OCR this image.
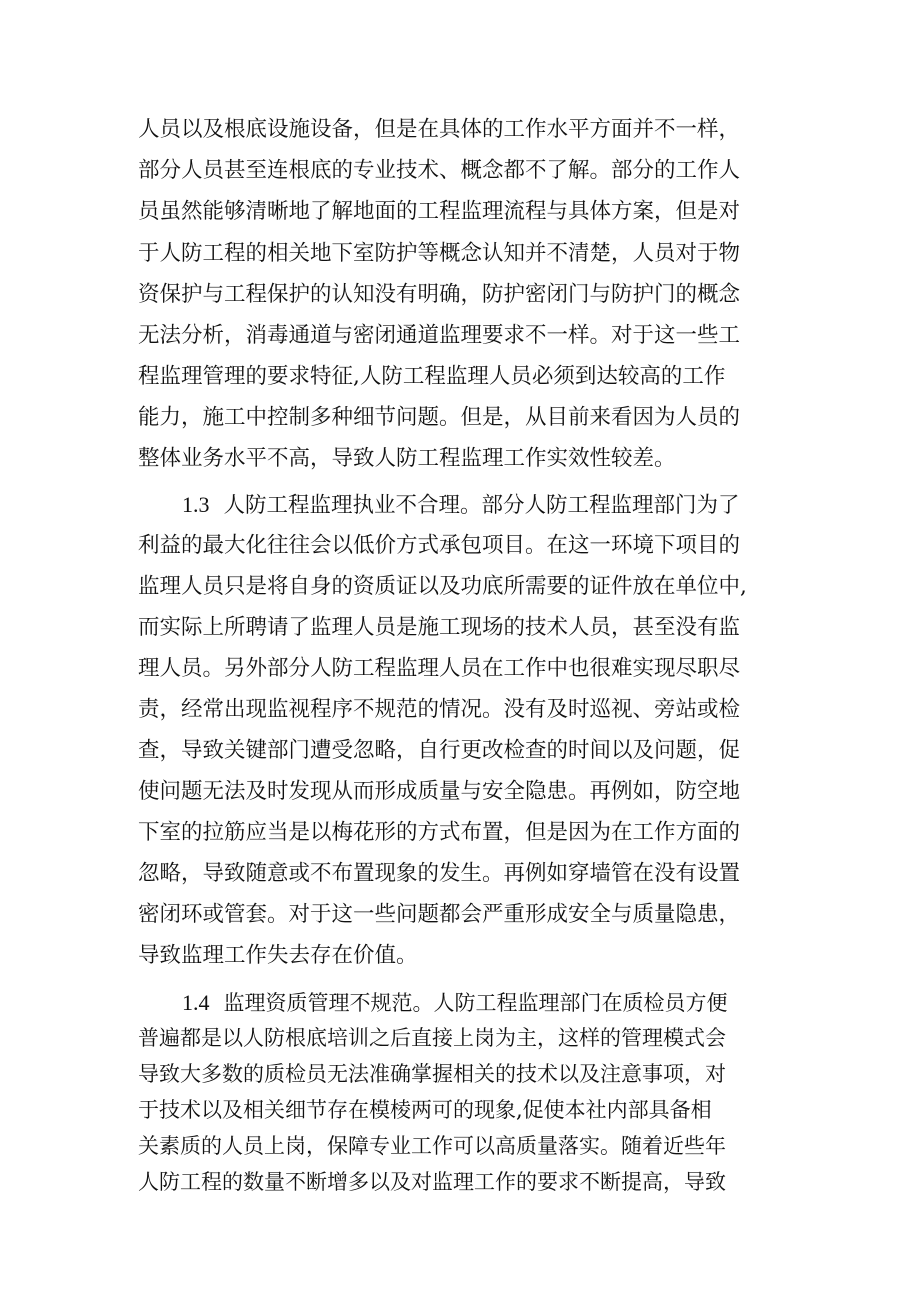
人员以及根底设施设备，但是在具体的工作水平方面并不一样，
部分人员甚至连根底的专业技术、概念都不了解。部分的工作人
员虽然能够清晰地了解地面的工程监理流程与具体方案，但是对
于人防工程的相关地下室防护等概念认知并不清楚，人员对于物
资保护与工程保护的认知没有明确，防护密闭门与防护门的概念
无法分析，消毒通道与密闭通道监理要求不一样。对于这一些工
程监理管理的要求特征,人防工程监理人员必须到达较高的工作
能力，施工中控制多种细节问题。但是，从目前来看因为人员的
整体业务水平不高，导致人防工程监理工作实效性较差。
1.3 人防工程监理执业不合理。部分人防工程监理部门为了
利益的最大化往往会以低价方式承包项目。在这一环境下项目的
监理人员只是将自身的资质证以及功底所需要的证件放在单位中,
而实际上所聘请了监理人员是施工现场的技术人员，甚至没有监
理人员。另外部分人防工程监理人员在工作中也很难实现尽职尽
责，经常出现监视程序不规范的情况。没有及时巡视、旁站或检
查，导致关键部门遭受忽略，自行更改检查的时间以及问题，促
使问题无法及时发现从而形成质量与安全隐患。再例如，防空地
下室的拉筋应当是以梅花形的方式布置，但是因为在工作方面的
忽略，导致随意或不布置现象的发生。再例如穿墙管在没有设置
密闭环或管套。对于这一些问题都会严重形成安全与质量隐患，
导致监理工作失去存在价值。
1.4 监理资质管理不规范。人防工程监理部门在质检员方便
普遍都是以人防根底培训之后直接上岗为主，这样的管理模式会
导致大多数的质检员无法准确掌握相关的技术以及注意事项，对
于技术以及相关细节存在模棱两可的现象,促使本社内部具备相
关素质的人员上岗，保障专业工作可以高质量落实。随着近些年
人防工程的数量不断增多以及对监理工作的要求不断提高，导致
